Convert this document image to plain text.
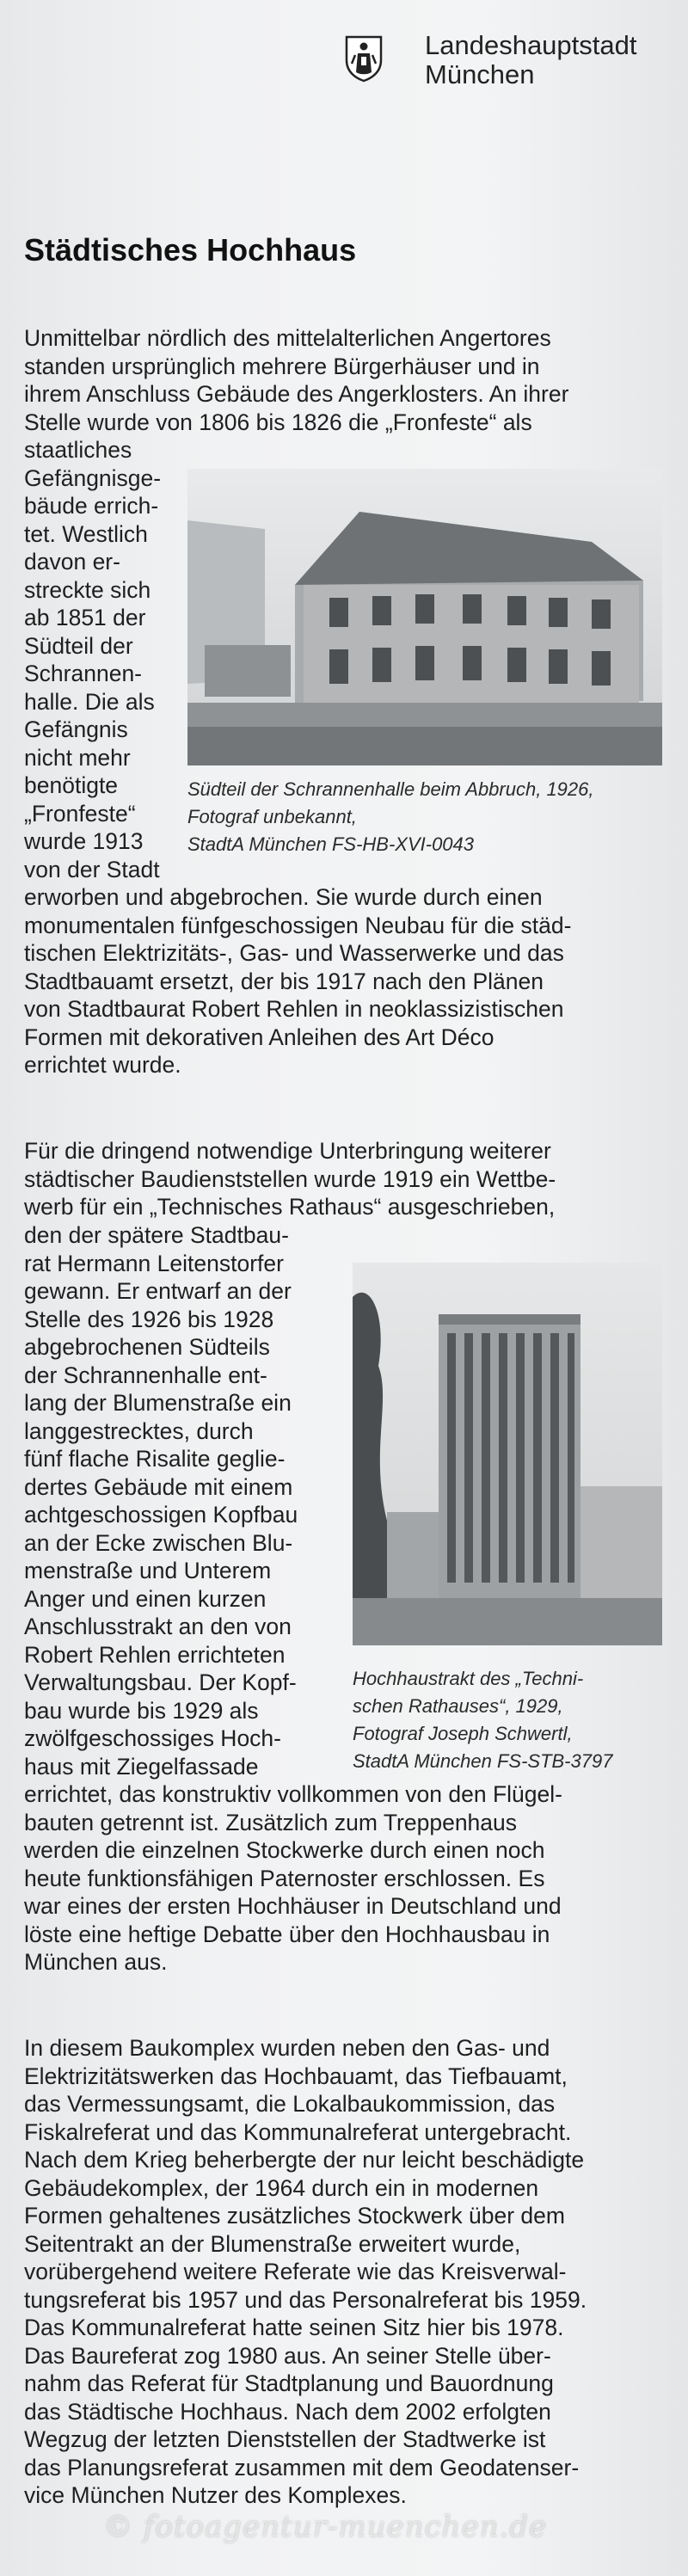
Landeshauptstadt
München
Städtisches Hochhaus

Unmittelbar nördlich des mittelalterlichen Angertores
standen ursprünglich mehrere Bürgerhäuser und in
ihrem Anschluss Gebäude des Angerklosters. An ihrer
Stelle wurde von 1806 bis 1826 die „Fronfeste“ als

staatliches
Gefängnisge-
bäude errich-
tet. Westlich
davon er-
streckte sich
ab 1851 der
Südteil der
Schrannen-
halle. Die als
Gefängnis
nicht mehr
benötigte
„Fronfeste“
wurde 1913
von der Stadt

Südteil der Schrannenhalle beim Abbruch, 1926,
Fotograf unbekannt,
StadtA München FS-HB-XVI-0043

erworben und abgebrochen. Sie wurde durch einen
monumentalen fünfgeschossigen Neubau für die städ-
tischen Elektrizitäts-, Gas- und Wasserwerke und das
Stadtbauamt ersetzt, der bis 1917 nach den Plänen
von Stadtbaurat Robert Rehlen in neoklassizistischen
Formen mit dekorativen Anleihen des Art Déco
errichtet wurde.

Für die dringend notwendige Unterbringung weiterer
städtischer Baudienststellen wurde 1919 ein Wettbe-
werb für ein „Technisches Rathaus“ ausgeschrieben,

den der spätere Stadtbau-
rat Hermann Leitenstorfer
gewann. Er entwarf an der
Stelle des 1926 bis 1928
abgebrochenen Südteils
der Schrannenhalle ent-
lang der Blumenstraße ein
langgestrecktes, durch
fünf flache Risalite geglie-
dertes Gebäude mit einem
achtgeschossigen Kopfbau
an der Ecke zwischen Blu-
menstraße und Unterem
Anger und einen kurzen
Anschlusstrakt an den von
Robert Rehlen errichteten
Verwaltungsbau. Der Kopf-
bau wurde bis 1929 als
zwölfgeschossiges Hoch-
haus mit Ziegelfassade

Hochhaustrakt des „Techni-
schen Rathauses“, 1929,
Fotograf Joseph Schwertl,
StadtA München FS-STB-3797

errichtet, das konstruktiv vollkommen von den Flügel-
bauten getrennt ist. Zusätzlich zum Treppenhaus
werden die einzelnen Stockwerke durch einen noch
heute funktionsfähigen Paternoster erschlossen. Es
war eines der ersten Hochhäuser in Deutschland und
löste eine heftige Debatte über den Hochhausbau in
München aus.

In diesem Baukomplex wurden neben den Gas- und
Elektrizitätswerken das Hochbauamt, das Tiefbauamt,
das Vermessungsamt, die Lokalbaukommission, das
Fiskalreferat und das Kommunalreferat untergebracht.
Nach dem Krieg beherbergte der nur leicht beschädigte
Gebäudekomplex, der 1964 durch ein in modernen
Formen gehaltenes zusätzliches Stockwerk über dem
Seitentrakt an der Blumenstraße erweitert wurde,
vorübergehend weitere Referate wie das Kreisverwal-
tungsreferat bis 1957 und das Personalreferat bis 1959.
Das Kommunalreferat hatte seinen Sitz hier bis 1978.
Das Baureferat zog 1980 aus. An seiner Stelle über-
nahm das Referat für Stadtplanung und Bauordnung
das Städtische Hochhaus. Nach dem 2002 erfolgten
Wegzug der letzten Dienststellen der Stadtwerke ist
das Planungsreferat zusammen mit dem Geodatenser-
vice München Nutzer des Komplexes.

© fotoagentur-muenchen.de
